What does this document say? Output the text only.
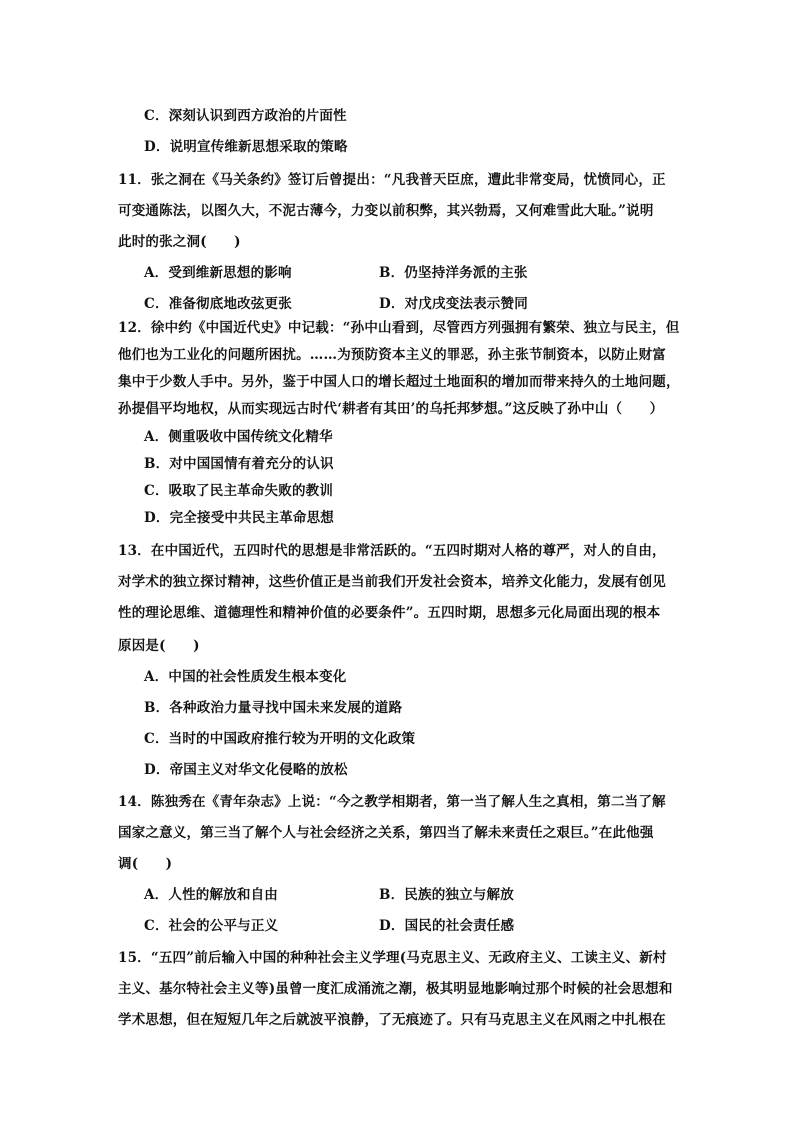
C．深刻认识到西方政治的片面性
D．说明宣传维新思想采取的策略
11．张之洞在《马关条约》签订后曾提出：“凡我普天臣庶，遭此非常变局，忧愤同心，正
可变通陈法，以图久大，不泥古薄今，力变以前积弊，其兴勃焉，又何难雪此大耻。”说明
此时的张之洞(　　)
A．受到维新思想的影响	B．仍坚持洋务派的主张
C．准备彻底地改弦更张	D．对戊戌变法表示赞同
12．徐中约《中国近代史》中记载：“孙中山看到，尽管西方列强拥有繁荣、独立与民主，但
他们也为工业化的问题所困扰。……为预防资本主义的罪恶，孙主张节制资本，以防止财富
集中于少数人手中。另外，鉴于中国人口的增长超过土地面积的增加而带来持久的土地问题，
孙提倡平均地权，从而实现远古时代‘耕者有其田’的乌托邦梦想。”这反映了孙中山（　　）
A．侧重吸收中国传统文化精华
B．对中国国情有着充分的认识
C．吸取了民主革命失败的教训
D．完全接受中共民主革命思想
13．在中国近代，五四时代的思想是非常活跃的。“五四时期对人格的尊严，对人的自由，
对学术的独立探讨精神，这些价值正是当前我们开发社会资本，培养文化能力，发展有创见
性的理论思维、道德理性和精神价值的必要条件”。五四时期，思想多元化局面出现的根本
原因是(　　)
A．中国的社会性质发生根本变化
B．各种政治力量寻找中国未来发展的道路
C．当时的中国政府推行较为开明的文化政策
D．帝国主义对华文化侵略的放松
14．陈独秀在《青年杂志》上说：“今之教学相期者，第一当了解人生之真相，第二当了解
国家之意义，第三当了解个人与社会经济之关系，第四当了解未来责任之艰巨。”在此他强
调(　　)
A．人性的解放和自由	B．民族的独立与解放
C．社会的公平与正义	D．国民的社会责任感
15．“五四”前后输入中国的种种社会主义学理(马克思主义、无政府主义、工读主义、新村
主义、基尔特社会主义等)虽曾一度汇成涌流之潮，极其明显地影响过那个时候的社会思想和
学术思想，但在短短几年之后就波平浪静，了无痕迹了。只有马克思主义在风雨之中扎根在
